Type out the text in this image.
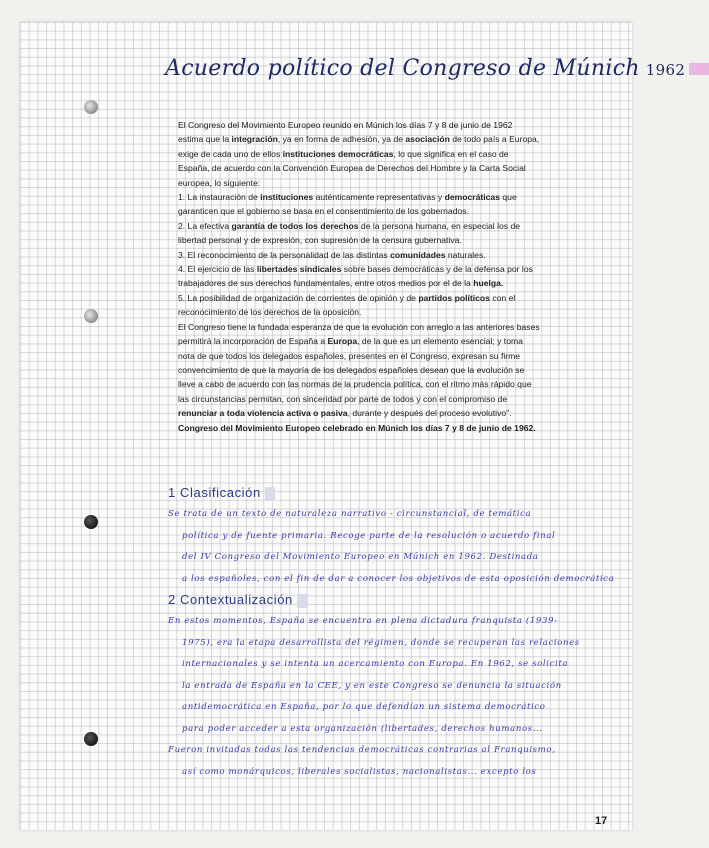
Acuerdo político del Congreso de Múnich 1962

El Congreso del Movimiento Europeo reunido en Múnich los días 7 y 8 de junio de 1962 estima que la integración, ya en forma de adhesión, ya de asociación de todo país a Europa, exige de cada uno de ellos instituciones democráticas, lo que significa en el caso de España, de acuerdo con la Convención Europea de Derechos del Hombre y la Carta Social europea, lo siguiente:

1. La instauración de instituciones auténticamente representativas y democráticas que garanticen que el gobierno se basa en el consentimiento de los gobernados.

2. La efectiva garantía de todos los derechos de la persona humana, en especial los de libertad personal y de expresión, con supresión de la censura gubernativa.

3. El reconocimiento de la personalidad de las distintas comunidades naturales.

4. El ejercicio de las libertades sindicales sobre bases democráticas y de la defensa por los trabajadores de sus derechos fundamentales, entre otros medios por el de la huelga.

5. La posibilidad de organización de corrientes de opinión y de partidos políticos con el reconocimiento de los derechos de la oposición.

El Congreso tiene la fundada esperanza de que la evolución con arreglo a las anteriores bases permitirá la incorporación de España a Europa, de la que es un elemento esencial; y toma nota de que todos los delegados españoles, presentes en el Congreso, expresan su firme convencimiento de que la mayoría de los delegados españoles desean que la evolución se lleve a cabo de acuerdo con las normas de la prudencia política, con el ritmo más rápido que las circunstancias permitan, con sinceridad por parte de todos y con el compromiso de renunciar a toda violencia activa o pasiva, durante y después del proceso evolutivo".

Congreso del Movimiento Europeo celebrado en Múnich los días 7 y 8 de junio de 1962.

1 Clasificación
Se trata de un texto de naturaleza narrativo - circunstancial, de temática
política y de fuente primaria. Recoge parte de la resolución o acuerdo final
del IV Congreso del Movimiento Europeo en Múnich en 1962. Destinada
a los españoles, con el fin de dar a conocer los objetivos de esta oposición democrática
2 Contextualización
En estos momentos, España se encuentra en plena dictadura franquista (1939-
1975), era la etapa desarrollista del régimen, donde se recuperan las relaciones
internacionales y se intenta un acercamiento con Europa. En 1962, se solicita
la entrada de España en la CEE, y en este Congreso se denuncia la situación
antidemocrática en España, por lo que defendían un sistema democrático
para poder acceder a esta organización (libertades, derechos humanos...
Fueron invitadas todas las tendencias democráticas contrarias al Franquismo,
así como monárquicos, liberales socialistas, nacionalistas... excepto los
17
